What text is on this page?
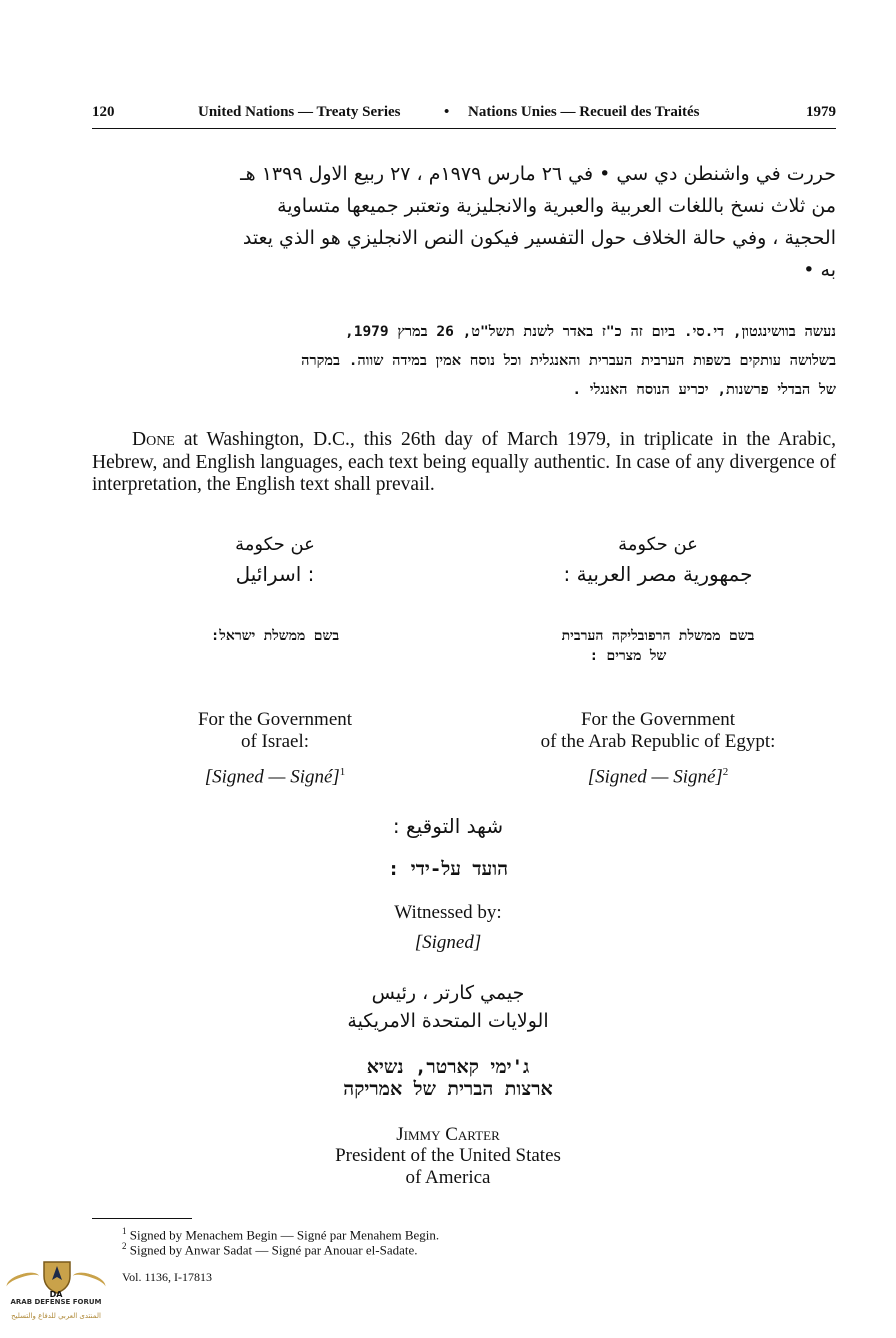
120	United Nations — Treaty Series	• Nations Unies — Recueil des Traités	1979
حررت في واشنطن دي سي • في ٢٦ مارس ١٩٧٩م ، ٢٧ ربيع الاول ١٣٩٩ هـ
من ثلاث نسخ باللغات العربية والعبرية والانجليزية وتعتبر جميعها متساوية
الحجية ، وفي حالة الخلاف حول التفسير فيكون النص الانجليزي هو الذي يعتد
به •
נעשה בוושינגטון, די.סי. ביום זה כ"ז באדר לשנת תשל"ט, 26 במרץ 1979,
בשלושה עותקים בשפות הערבית העברית והאנגלית וכל נוסח אמין במידה שווה. במקרה
של הבדלי פרשנות, יכריע הנוסח האנגלי .
Done at Washington, D.C., this 26th day of March 1979, in triplicate in the Arabic, Hebrew, and English languages, each text being equally authentic. In case of any divergence of interpretation, the English text shall prevail.
عن حكومة
: اسرائيل
בשם ממשלת ישראל:
For the Government
of Israel:
[Signed — Signé]$^1$
عن حكومة
جمهورية مصر العربية :
בשם ממשלת הרפובליקה הערבית
של מצרים :
For the Government
of the Arab Republic of Egypt:
[Signed — Signé]$^2$
شهد التوقيع :
הועד על-ידי :
Witnessed by:
[Signed]
جيمي كارتر ، رئيس
الولايات المتحدة الامريكية
ג'ימי קארטר, נשיא
ארצות הברית של אמריקה
Jimmy Carter
President of the United States
of America
$^1$ Signed by Menachem Begin — Signé par Menahem Begin.
$^2$ Signed by Anwar Sadat — Signé par Anouar el-Sadate.
Vol. 1136, I-17813
DA
ARAB DEFENSE FORUM
المنتدى العربي للدفاع والتسليح
